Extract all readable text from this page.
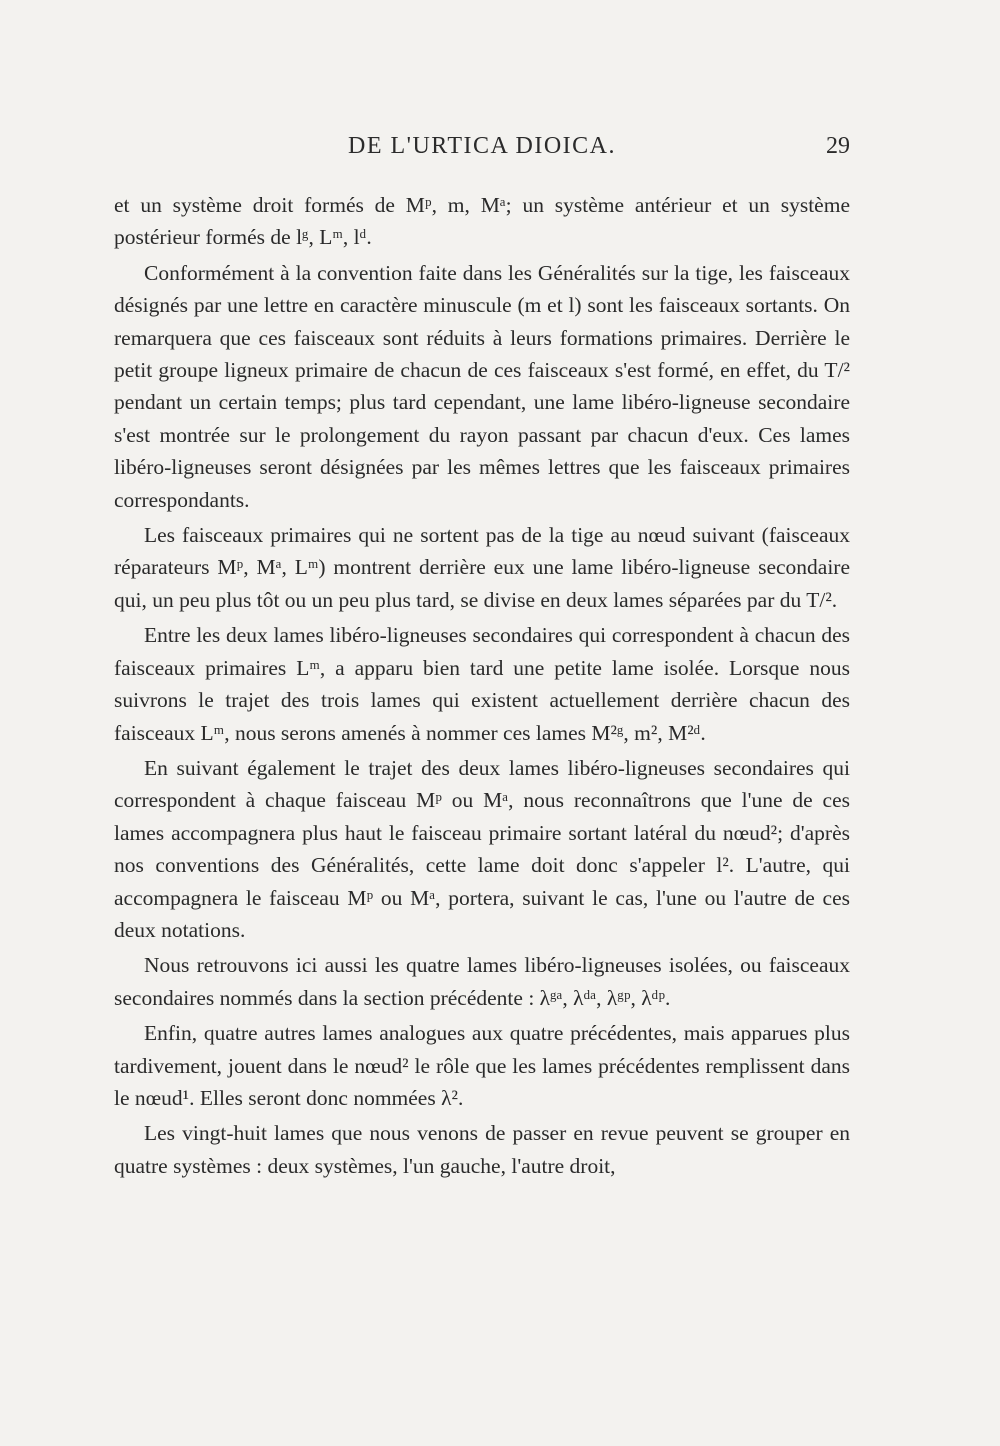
DE L'URTICA DIOICA.	29

et un système droit formés de Mᵖ, m, Mᵃ; un système antérieur et un système postérieur formés de lᵍ, Lᵐ, lᵈ.

Conformément à la convention faite dans les Généralités sur la tige, les faisceaux désignés par une lettre en caractère minuscule (m et l) sont les faisceaux sortants. On remarquera que ces faisceaux sont réduits à leurs formations primaires. Derrière le petit groupe ligneux primaire de chacun de ces faisceaux s'est formé, en effet, du T/² pendant un certain temps; plus tard cependant, une lame libéro-ligneuse secondaire s'est montrée sur le prolongement du rayon passant par chacun d'eux. Ces lames libéro-ligneuses seront désignées par les mêmes lettres que les faisceaux primaires correspondants.

Les faisceaux primaires qui ne sortent pas de la tige au nœud suivant (faisceaux réparateurs Mᵖ, Mᵃ, Lᵐ) montrent derrière eux une lame libéro-ligneuse secondaire qui, un peu plus tôt ou un peu plus tard, se divise en deux lames séparées par du T/².

Entre les deux lames libéro-ligneuses secondaires qui correspondent à chacun des faisceaux primaires Lᵐ, a apparu bien tard une petite lame isolée. Lorsque nous suivrons le trajet des trois lames qui existent actuellement derrière chacun des faisceaux Lᵐ, nous serons amenés à nommer ces lames M²ᵍ, m², M²ᵈ.

En suivant également le trajet des deux lames libéro-ligneuses secondaires qui correspondent à chaque faisceau Mᵖ ou Mᵃ, nous reconnaîtrons que l'une de ces lames accompagnera plus haut le faisceau primaire sortant latéral du nœud²; d'après nos conventions des Généralités, cette lame doit donc s'appeler l². L'autre, qui accompagnera le faisceau Mᵖ ou Mᵃ, portera, suivant le cas, l'une ou l'autre de ces deux notations.

Nous retrouvons ici aussi les quatre lames libéro-ligneuses isolées, ou faisceaux secondaires nommés dans la section précédente : λᵍᵃ, λᵈᵃ, λᵍᵖ, λᵈᵖ.

Enfin, quatre autres lames analogues aux quatre précédentes, mais apparues plus tardivement, jouent dans le nœud² le rôle que les lames précédentes remplissent dans le nœud¹. Elles seront donc nommées λ².

Les vingt-huit lames que nous venons de passer en revue peuvent se grouper en quatre systèmes : deux systèmes, l'un gauche, l'autre droit,
